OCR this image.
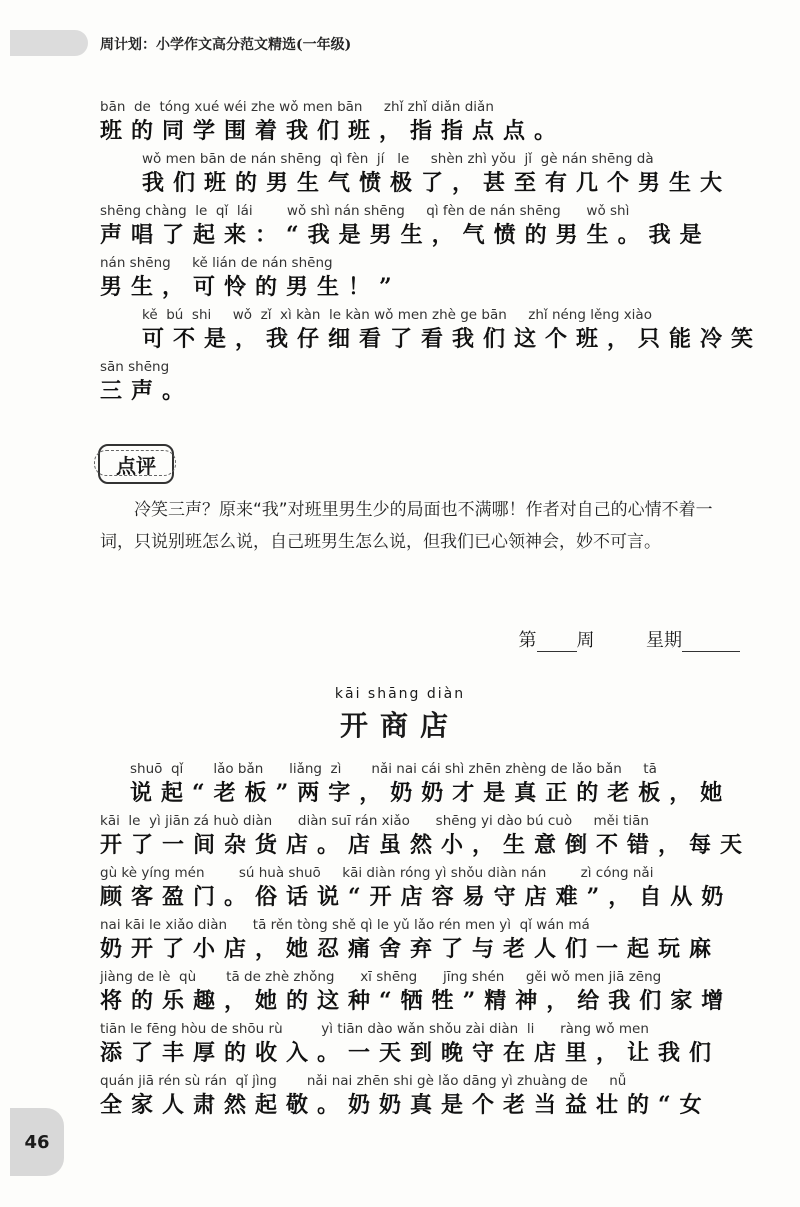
周计划：小学作文高分范文精选(一年级)
bān  de  tóng xué wéi zhe wǒ men bān     zhǐ zhǐ diǎn diǎn
班的同学围着我们班，指指点点。
wǒ men bān de nán shēng  qì fèn  jí   le     shèn zhì yǒu  jǐ  gè nán shēng dà
我们班的男生气愤极了，甚至有几个男生大
shēng chàng  le  qǐ  lái        wǒ shì nán shēng     qì fèn de nán shēng      wǒ shì
声唱了起来：“我是男生，气愤的男生。我是
nán shēng     kě lián de nán shēng
男生，可怜的男生！”
kě  bú  shi     wǒ  zǐ  xì kàn  le kàn wǒ men zhè ge bān     zhǐ néng lěng xiào
可不是，我仔细看了看我们这个班，只能冷笑
sān shēng
三声。
点评
冷笑三声？原来“我”对班里男生少的局面也不满哪！作者对自己的心情不着一词，只说别班怎么说，自己班男生怎么说，但我们已心领神会，妙不可言。
第 周	星期
kāi shāng diàn
开商店
shuō  qǐ       lǎo bǎn      liǎng  zì       nǎi nai cái shì zhēn zhèng de lǎo bǎn     tā
说起“老板”两字，奶奶才是真正的老板，她
kāi  le  yì jiān zá huò diàn      diàn suī rán xiǎo      shēng yi dào bú cuò     měi tiān
开了一间杂货店。店虽然小，生意倒不错，每天
gù kè yíng mén        sú huà shuō     kāi diàn róng yì shǒu diàn nán        zì cóng nǎi
顾客盈门。俗话说“开店容易守店难”，自从奶
nai kāi le xiǎo diàn      tā rěn tòng shě qì le yǔ lǎo rén men yì  qǐ wán má
奶开了小店，她忍痛舍弃了与老人们一起玩麻
jiàng de lè  qù       tā de zhè zhǒng      xī shēng      jīng shén     gěi wǒ men jiā zēng
将的乐趣，她的这种“牺牲”精神，给我们家增
tiān le fēng hòu de shōu rù         yì tiān dào wǎn shǒu zài diàn  li      ràng wǒ men
添了丰厚的收入。一天到晚守在店里，让我们
quán jiā rén sù rán  qǐ jìng       nǎi nai zhēn shi gè lǎo dāng yì zhuàng de     nǚ
全家人肃然起敬。奶奶真是个老当益壮的“女
46
